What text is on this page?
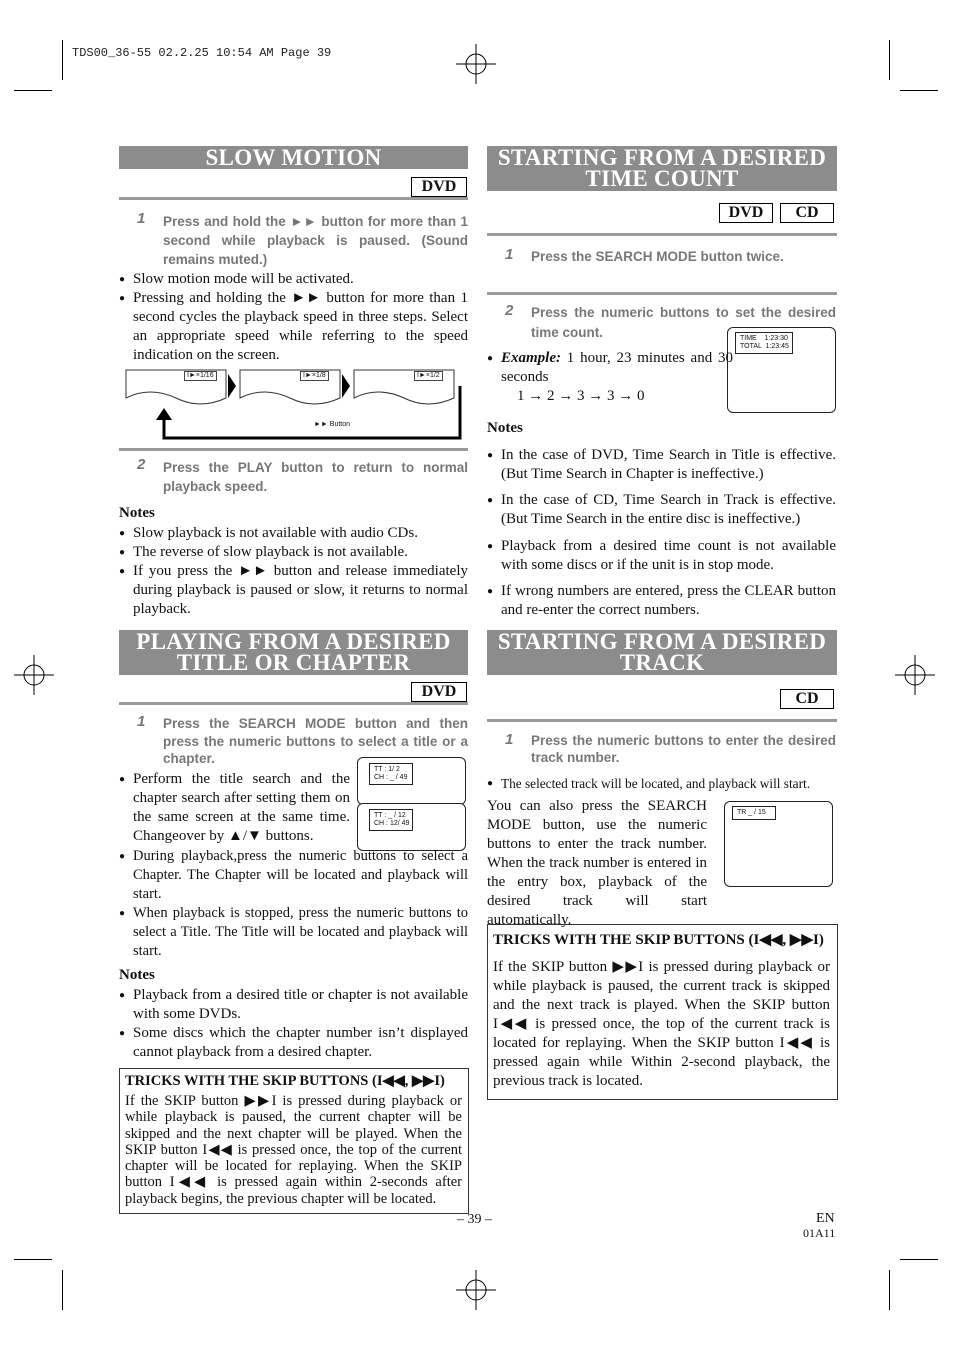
TDS00_36-55 02.2.25 10:54 AM Page 39
SLOW MOTION
DVD
1 Press and hold the ►► button for more than 1 second while playback is paused. (Sound remains muted.)
● Slow motion mode will be activated.
● Pressing and holding the ►► button for more than 1 second cycles the playback speed in three steps. Select an appropriate speed while referring to the speed indication on the screen.
I►×1/16	I►×1/8	I►×1/2
►► Button
2 Press the PLAY button to return to normal playback speed.
Notes
● Slow playback is not available with audio CDs.
● The reverse of slow playback is not available.
● If you press the ►► button and release immediately during playback is paused or slow, it returns to normal playback.
PLAYING FROM A DESIRED
TITLE OR CHAPTER
DVD
1 Press the SEARCH MODE button and then press the numeric buttons to select a title or a chapter.
TT : 1/ 2
CH : _ / 49
TT : _ / 12
CH : 12/ 49
● Perform the title search and the chapter search after setting them on the same screen at the same time. Changeover by ▲/▼ buttons.
● During playback,press the numeric buttons to select a Chapter. The Chapter will be located and playback will start.
● When playback is stopped, press the numeric buttons to select a Title. The Title will be located and playback will start.
Notes
● Playback from a desired title or chapter is not available with some DVDs.
● Some discs which the chapter number isn’t displayed cannot playback from a desired chapter.
TRICKS WITH THE SKIP BUTTONS (I◀◀, ▶▶I)
If the SKIP button ▶▶I is pressed during playback or while playback is paused, the current chapter will be skipped and the next chapter will be played. When the SKIP button I◀◀ is pressed once, the top of the current chapter will be located for replaying. When the SKIP button I◀◀ is pressed again within 2-seconds after playback begins, the previous chapter will be located.
STARTING FROM A DESIRED
TIME COUNT
DVD	CD
1 Press the SEARCH MODE button twice.
2 Press the numeric buttons to set the desired time count.	TIME    1:23:30
TOTAL  1:23:45
● Example: 1 hour, 23 minutes and 30 seconds
1 → 2 → 3 → 3 → 0
Notes
● In the case of DVD, Time Search in Title is effective. (But Time Search in Chapter is ineffective.)
● In the case of CD, Time Search in Track is effective. (But Time Search in the entire disc is ineffective.)
● Playback from a desired time count is not available with some discs or if the unit is in stop mode.
● If wrong numbers are entered, press the CLEAR button and re-enter the correct numbers.
STARTING FROM A DESIRED
TRACK
CD
1 Press the numeric buttons to enter the desired track number.
● The selected track will be located, and playback will start.
You can also press the SEARCH MODE button, use the numeric buttons to enter the track number. When the track number is entered in the entry box, playback of the desired track will start automatically.
TR _ / 15
TRICKS WITH THE SKIP BUTTONS (I◀◀, ▶▶I)
If the SKIP button ▶▶I is pressed during playback or while playback is paused, the current track is skipped and the next track is played. When the SKIP button I◀◀ is pressed once, the top of the current track is located for replaying. When the SKIP button I◀◀ is pressed again while Within 2-second playback, the previous track is located.
– 39 –	EN
01A11
